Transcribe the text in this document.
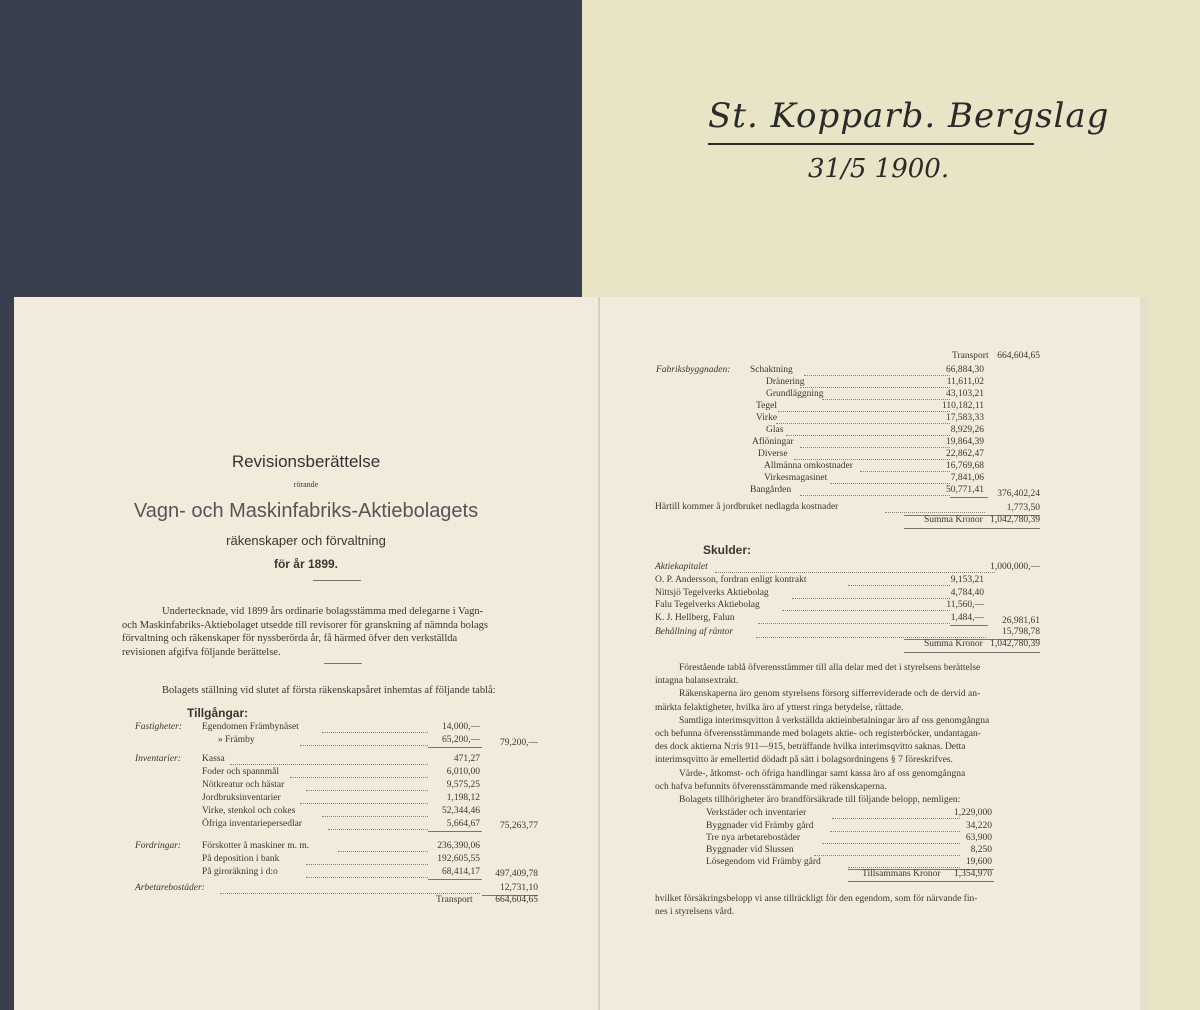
St. Kopparb. Bergslag
31/5 1900.
Revisionsberättelse
rörande
Vagn- och Maskinfabriks-Aktiebolagets
räkenskaper och förvaltning
för år 1899.
Undertecknade, vid 1899 års ordinarie bolagsstämma med delegarne i Vagn-
och Maskinfabriks-Aktiebolaget utsedde till revisorer för granskning af nämnda bolags
förvaltning och räkenskaper för nyssberörda år, få härmed öfver den verkställda
revisionen afgifva följande berättelse.
Bolagets ställning vid slutet af första räkenskapsåret inhemtas af följande tablå:
Tillgångar:
Fastigheter: Egendomen Främbynäset	14,000,—
» Främby	65,200,—	79,200,—
Inventarier: Kassa	471,27
Foder och spannmål	6,010,00
Nötkreatur och hästar	9,575,25
Jordbruksinventarier	1,198,12
Virke, stenkol och cokes	52,344,46
Öfriga inventariepersedlar	5,664,67	75,263,77
Fordringar: Förskotter å maskiner m. m.	236,390,06
På deposition i bank	192,605,55
På giroräkning i d:o	68,414,17	497,409,78
Arbetarebostäder:	12,731,10
Transport	664,604,65
Transport 664,604,65
Fabriksbyggnaden: Schaktning	66,884,30
Dränering	11,611,02
Grundläggning	43,103,21
Tegel	110,182,11
Virke	17,583,33
Glas	8,929,26
Aflöningar	19,864,39
Diverse	22,862,47
Allmänna omkostnader	16,769,68
Virkesmagasinet	7,841,06
Bangården	50,771,41	376,402,24
Härtill kommer å jordbruket nedlagda kostnader	1,773,50
Summa Kronor 1,042,780,39
Skulder:
Aktiekapitalet	1,000,000,—
O. P. Andersson, fordran enligt kontrakt	9,153,21
Nittsjö Tegelverks Aktiebolag	4,784,40
Falu Tegelverks Aktiebolag	11,560,—
K. J. Hellberg, Falun	1,484,—	26,981,61
Behållning af räntor	15,798,78
Summa Kronor 1,042,780,39
Förestående tablå öfverensstämmer till alla delar med det i styrelsens berättelse
intagna balansextrakt.
Räkenskaperna äro genom styrelsens försorg sifferreviderade och de dervid an-
märkta felaktigheter, hvilka äro af ytterst ringa betydelse, rättade.
Samtliga interimsqvitton å verkställda aktieinbetalningar äro af oss genomgångna
och befunna öfverensstämmande med bolagets aktie- och registerböcker, undantagan-
des dock aktierna N:ris 911—915, beträffande hvilka interimsqvitto saknas. Detta
interimsqvitto är emellertid dödadt på sätt i bolagsordningens § 7 föreskrifves.
Värde-, åtkomst- och öfriga handlingar samt kassa äro af oss genomgångna
och hafva befunnits öfverensstämmande med räkenskaperna.
Bolagets tillhörigheter äro brandförsäkrade till följande belopp, nemligen:
Verkstäder och inventarier	1,229,000
Byggnader vid Främby gård	34,220
Tre nya arbetarebostäder	63,900
Byggnader vid Slussen	8,250
Lösegendom vid Främby gård	19,600
Tillsammans Kronor	1,354,970
hvilket försäkringsbelopp vi anse tillräckligt för den egendom, som för närvande fin-
nes i styrelsens vård.
